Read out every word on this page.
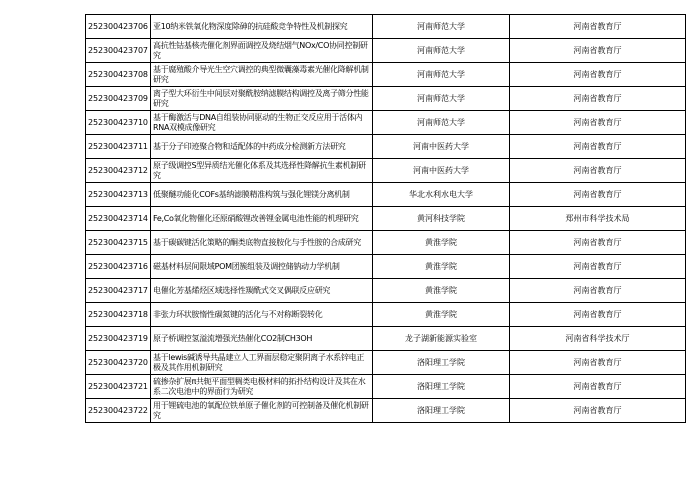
252300423706	亚10纳米铁氧化物深度除砷的抗硅酸竞争特性及机制探究	河南师范大学	河南省教育厅
252300423707	高抗性钴基核壳催化剂界面调控及烧结烟气NOx/CO协同控制研究	河南师范大学	河南省教育厅
252300423708	基于腐殖酸介导光生空穴调控的典型微囊藻毒素光催化降解机制研究	河南师范大学	河南省教育厅
252300423709	离子型大环衍生中间层对聚酰胺纳滤膜结构调控及离子筛分性能研究	河南师范大学	河南省教育厅
252300423710	基于酶激活与DNA自组装协同驱动的生物正交反应用于活体内RNA双模成像研究	河南师范大学	河南省教育厅
252300423711	基于分子印迹聚合物和适配体的中药成分检测新方法研究	河南中医药大学	河南省教育厅
252300423712	原子级调控S型异质结光催化体系及其选择性降解抗生素机制研究	河南中医药大学	河南省教育厅
252300423713	低聚醚功能化COFs基纳滤膜精准构筑与强化锂镁分离机制	华北水利水电大学	河南省教育厅
252300423714	Fe,Co氧化物催化还原硝酸锂改善锂金属电池性能的机理研究	黄河科技学院	郑州市科学技术局
252300423715	基于碳碳键活化策略的酮类底物直接胺化与手性胺的合成研究	黄淮学院	河南省教育厅
252300423716	磁基材料层间限域POM团簇组装及调控储钠动力学机制	黄淮学院	河南省教育厅
252300423717	电催化芳基烯烃区域选择性羰酰式交叉偶联反应研究	黄淮学院	河南省教育厅
252300423718	非张力环状胺惰性碳氮键的活化与不对称断裂转化	黄淮学院	河南省教育厅
252300423719	原子桥调控氢溢流增强光热催化CO2制CH3OH	龙子湖新能源实验室	河南省科学技术厅
252300423720	基于lewis碱诱导共晶建立人工界面层稳定聚阴离子水系锌电正极及其作用机制研究	洛阳理工学院	河南省教育厅
252300423721	硫掺杂扩展π共轭平面型稠类电极材料的拓扑结构设计及其在水系二次电池中的界面行为研究	洛阳理工学院	河南省教育厅
252300423722	用于锂硫电池的氧配位铁单原子催化剂的可控制备及催化机制研究	洛阳理工学院	河南省教育厅
